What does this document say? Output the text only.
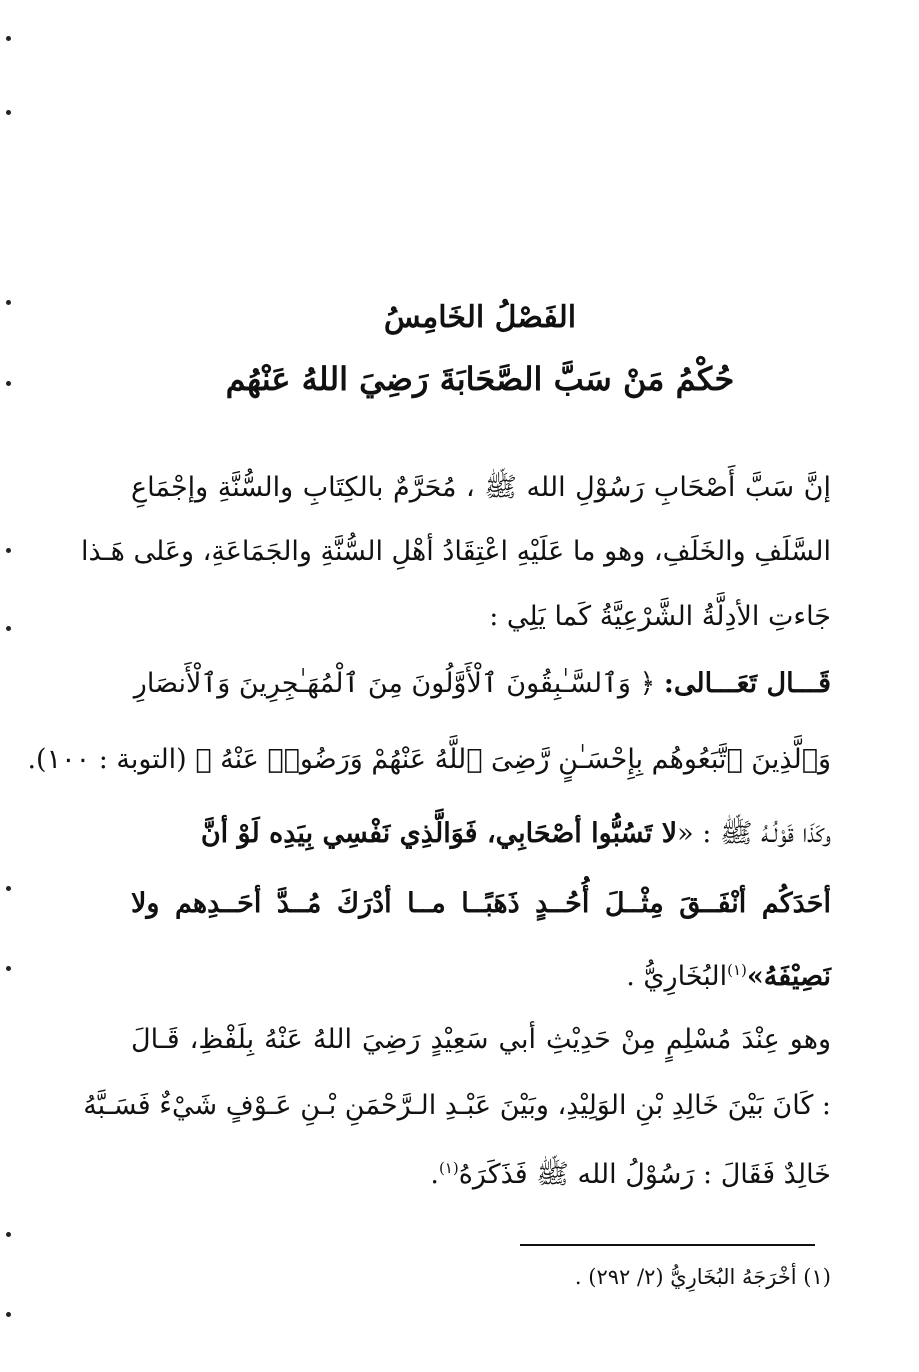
الفَصْلُ الخَامِسُ
حُكْمُ مَنْ سَبَّ الصَّحَابَةَ رَضِيَ اللهُ عَنْهُم
إنَّ سَبَّ أَصْحَابِ رَسُوْلِ الله ﷺ ، مُحَرَّمٌ بالكِتَابِ والسُّنَّةِ وإجْمَاعِ
السَّلَفِ والخَلَفِ، وهو ما عَلَيْهِ اعْتِقَادُ أهْلِ السُّنَّةِ والجَمَاعَةِ، وعَلى هَـذا
جَاءتِ الأدِلَّةُ الشَّرْعِيَّةُ كَما يَلِي :
قَـــال تَعَـــالى: ﴿ وَٱلسَّـٰبِقُونَ ٱلْأَوَّلُونَ مِنَ ٱلْمُهَـٰجِرِينَ وَٱلْأَنصَارِ
وَٱلَّذِينَ ٱتَّبَعُوهُم بِإِحْسَـٰنٍ رَّضِىَ ٱللَّهُ عَنْهُمْ وَرَضُوا۟ عَنْهُ ﴾ (التوبة : ١٠٠).
وكَذَا قَوْلُـهُ ﷺ : «لا تَسُبُّوا أصْحَابِي، فَوَالَّذِي نَفْسِي بِيَدِه لَوْ أنَّ
أحَدَكُم أنْفَــقَ مِثْــلَ أُحُــدٍ ذَهَبًــا مــا أدْرَكَ مُــدَّ أحَــدِهم ولا
نَصِيْفَهُ»$^{(١)}$البُخَارِيُّ .
وهو عِنْدَ مُسْلِمٍ مِنْ حَدِيْثِ أبي سَعِيْدٍ رَضِيَ اللهُ عَنْهُ بِلَفْظِ، قَـالَ
: كَانَ بَيْنَ خَالِدِ بْنِ الوَلِيْدِ، وبَيْنَ عَبْـدِ الـرَّحْمَنِ بْـنِ عَـوْفٍ شَيْءٌ فَسَـبَّهُ
خَالِدٌ فَقَالَ : رَسُوْلُ الله ﷺ فَذَكَرَهُ$^{(١)}$.
(١) أخْرَجَهُ البُخَارِيُّ (٢/ ٢٩٢) .
